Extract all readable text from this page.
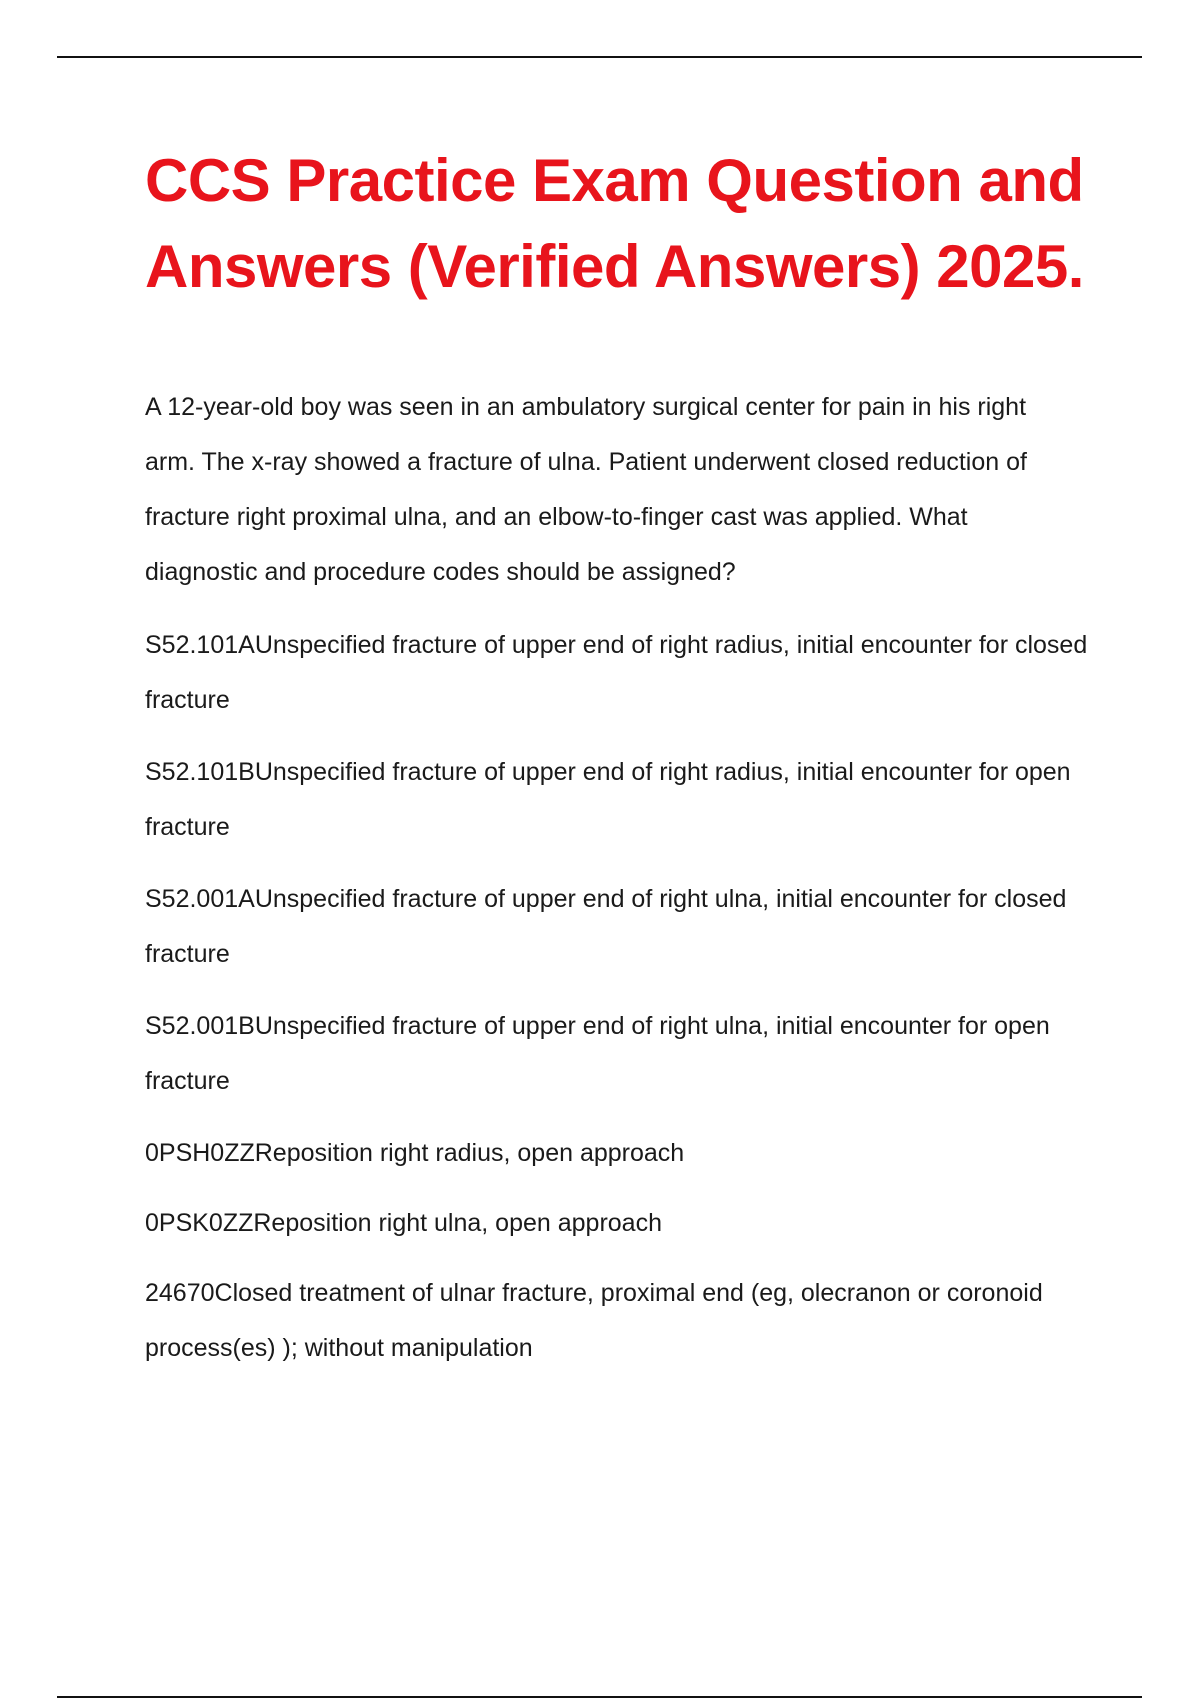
CCS Practice Exam Question and Answers (Verified Answers) 2025.

A 12-year-old boy was seen in an ambulatory surgical center for pain in his right arm. The x-ray showed a fracture of ulna. Patient underwent closed reduction of fracture right proximal ulna, and an elbow-to-finger cast was applied. What diagnostic and procedure codes should be assigned?

S52.101AUnspecified fracture of upper end of right radius, initial encounter for closed fracture
S52.101BUnspecified fracture of upper end of right radius, initial encounter for open fracture
S52.001AUnspecified fracture of upper end of right ulna, initial encounter for closed fracture
S52.001BUnspecified fracture of upper end of right ulna, initial encounter for open fracture
0PSH0ZZReposition right radius, open approach
0PSK0ZZReposition right ulna, open approach
24670Closed treatment of ulnar fracture, proximal end (eg, olecranon or coronoid process(es) ); without manipulation
